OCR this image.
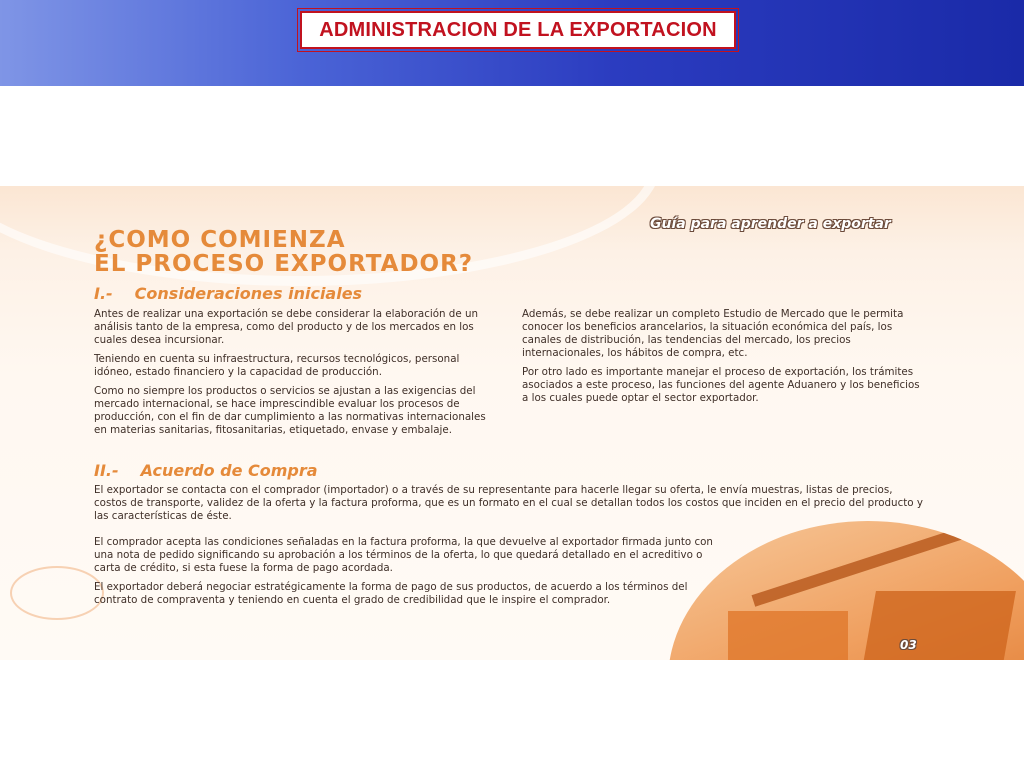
ADMINISTRACION DE LA EXPORTACION
Guía para aprender a exportar
¿COMO COMIENZA
EL PROCESO EXPORTADOR?
I.- Consideraciones iniciales

Antes de realizar una exportación se debe considerar la elaboración de un análisis tanto de la empresa, como del producto y de los mercados en los cuales desea incursionar.

Teniendo en cuenta su infraestructura, recursos tecnológicos, personal idóneo, estado financiero y la capacidad de producción.

Como no siempre los productos o servicios se ajustan a las exigencias del mercado internacional, se hace imprescindible evaluar los procesos de producción, con el fin de dar cumplimiento a las normativas internacionales en materias sanitarias, fitosanitarias, etiquetado, envase y embalaje.

Además, se debe realizar un completo Estudio de Mercado que le permita conocer los beneficios arancelarios, la situación económica del país, los canales de distribución, las tendencias del mercado, los precios internacionales, los hábitos de compra, etc.

Por otro lado es importante manejar el proceso de exportación, los trámites asociados a este proceso, las funciones del agente Aduanero y los beneficios a los cuales puede optar el sector exportador.

II.- Acuerdo de Compra

El exportador se contacta con el comprador (importador) o a través de su representante para hacerle llegar su oferta, le envía muestras, listas de precios, costos de transporte, validez de la oferta y la factura proforma, que es un formato en el cual se detallan todos los costos que inciden en el precio del producto y las características de éste.

El comprador acepta las condiciones señaladas en la factura proforma, la que devuelve al exportador firmada junto con una nota de pedido significando su aprobación a los términos de la oferta, lo que quedará detallado en el acreditivo o carta de crédito, si esta fuese la forma de pago acordada.

El exportador deberá negociar estratégicamente la forma de pago de sus productos, de acuerdo a los términos del contrato de compraventa y teniendo en cuenta el grado de credibilidad que le inspire el comprador.

03
